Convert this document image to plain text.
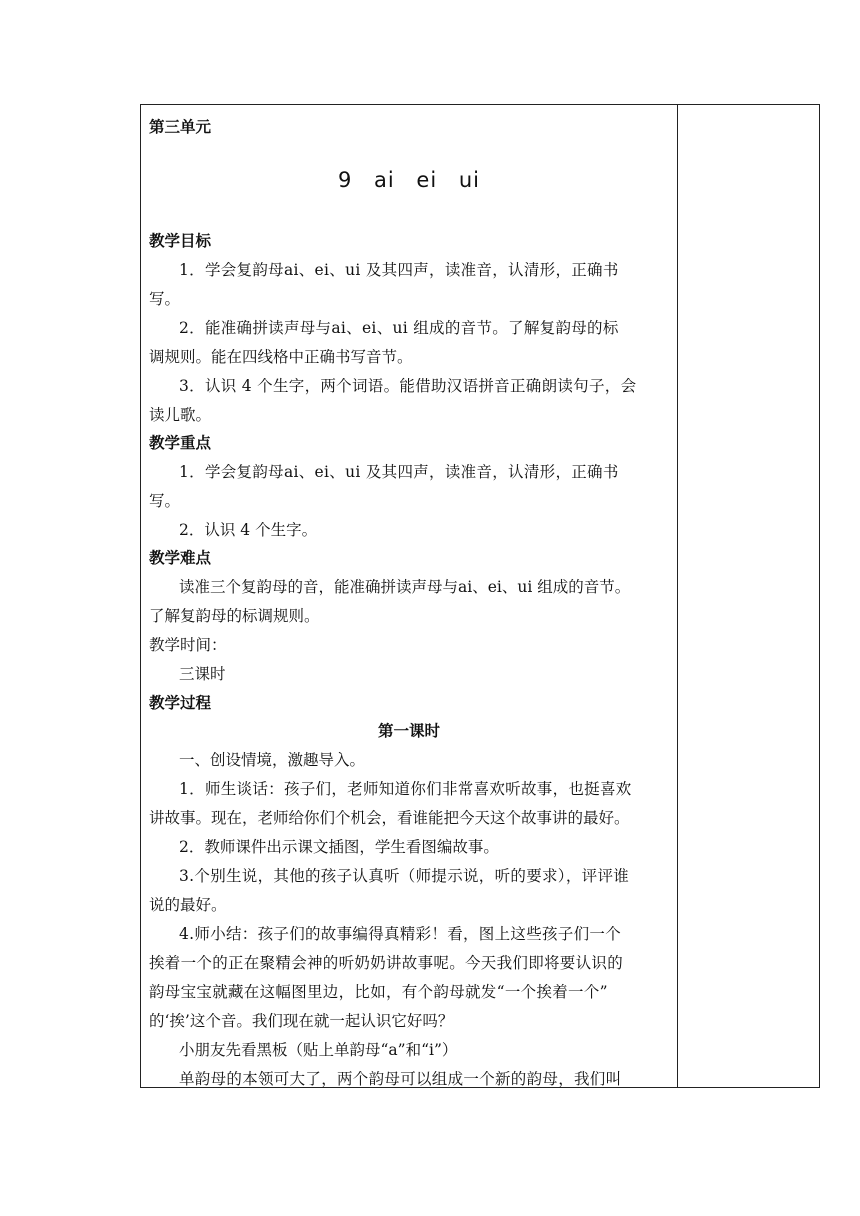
第三单元
9 ai ei ui
教学目标
1．学会复韵母ai、ei、ui 及其四声，读准音，认清形，正确书
写。
2．能准确拼读声母与ai、ei、ui 组成的音节。了解复韵母的标
调规则。能在四线格中正确书写音节。
3．认识 4 个生字，两个词语。能借助汉语拼音正确朗读句子，会
读儿歌。
教学重点
1．学会复韵母ai、ei、ui 及其四声，读准音，认清形，正确书
写。
2．认识 4 个生字。
教学难点
读准三个复韵母的音，能准确拼读声母与ai、ei、ui 组成的音节。
了解复韵母的标调规则。
教学时间：
三课时
教学过程
第一课时
一、创设情境，激趣导入。
1．师生谈话：孩子们，老师知道你们非常喜欢听故事，也挺喜欢
讲故事。现在，老师给你们个机会，看谁能把今天这个故事讲的最好。
2．教师课件出示课文插图，学生看图编故事。
3.个别生说，其他的孩子认真听（师提示说，听的要求），评评谁
说的最好。
4.师小结：孩子们的故事编得真精彩！看，图上这些孩子们一个
挨着一个的正在聚精会神的听奶奶讲故事呢。今天我们即将要认识的
韵母宝宝就藏在这幅图里边，比如，有个韵母就发“一个挨着一个”
的‘挨’这个音。我们现在就一起认识它好吗？
小朋友先看黑板（贴上单韵母“a”和“i”）
单韵母的本领可大了，两个韵母可以组成一个新的韵母，我们叫
